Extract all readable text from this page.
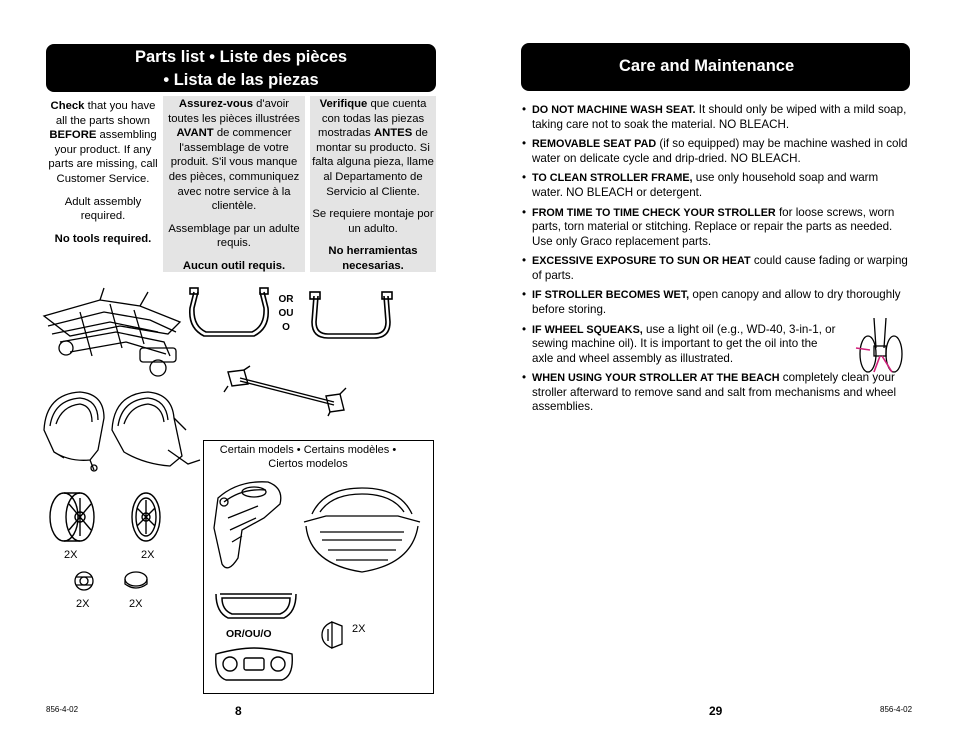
Parts list • Liste des pièces
• Lista de las piezas

Check that you have all the parts shown BEFORE assembling your product. If any parts are missing, call Customer Service.

Adult assembly required.

No tools required.

Assurez-vous d'avoir toutes les pièces illustrées AVANT de commencer l'assemblage de votre produit. S'il vous manque des pièces, communiquez avec notre service à la clientèle.

Assemblage par un adulte requis.

Aucun outil requis.

Verifique que cuenta con todas las piezas mostradas ANTES de montar su producto. Si falta alguna pieza, llame al Departamento de Servicio al Cliente.

Se requiere montaje por un adulto.

No herramientas necesarias.

OR
OU
O
2X	2X
2X	2X
Certain models • Certains modèles • Ciertos modelos
OR/OU/O	2X
856-4-02	8
Care and Maintenance
• DO NOT MACHINE WASH SEAT. It should only be wiped with a mild soap, taking care not to soak the material. NO BLEACH.
• REMOVABLE SEAT PAD (if so equipped) may be machine washed in cold water on delicate cycle and drip-dried. NO BLEACH.
• TO CLEAN STROLLER FRAME, use only household soap and warm water. NO BLEACH or detergent.
• FROM TIME TO TIME CHECK YOUR STROLLER for loose screws, worn parts, torn material or stitching. Replace or repair the parts as needed. Use only Graco replacement parts.
• EXCESSIVE EXPOSURE TO SUN OR HEAT could cause fading or warping of parts.
• IF STROLLER BECOMES WET, open canopy and allow to dry thoroughly before storing.
• IF WHEEL SQUEAKS, use a light oil (e.g., WD-40, 3-in-1, or sewing machine oil). It is important to get the oil into the axle and wheel assembly as illustrated.
• WHEN USING YOUR STROLLER AT THE BEACH completely clean your stroller afterward to remove sand and salt from mechanisms and wheel assemblies.
29	856-4-02
